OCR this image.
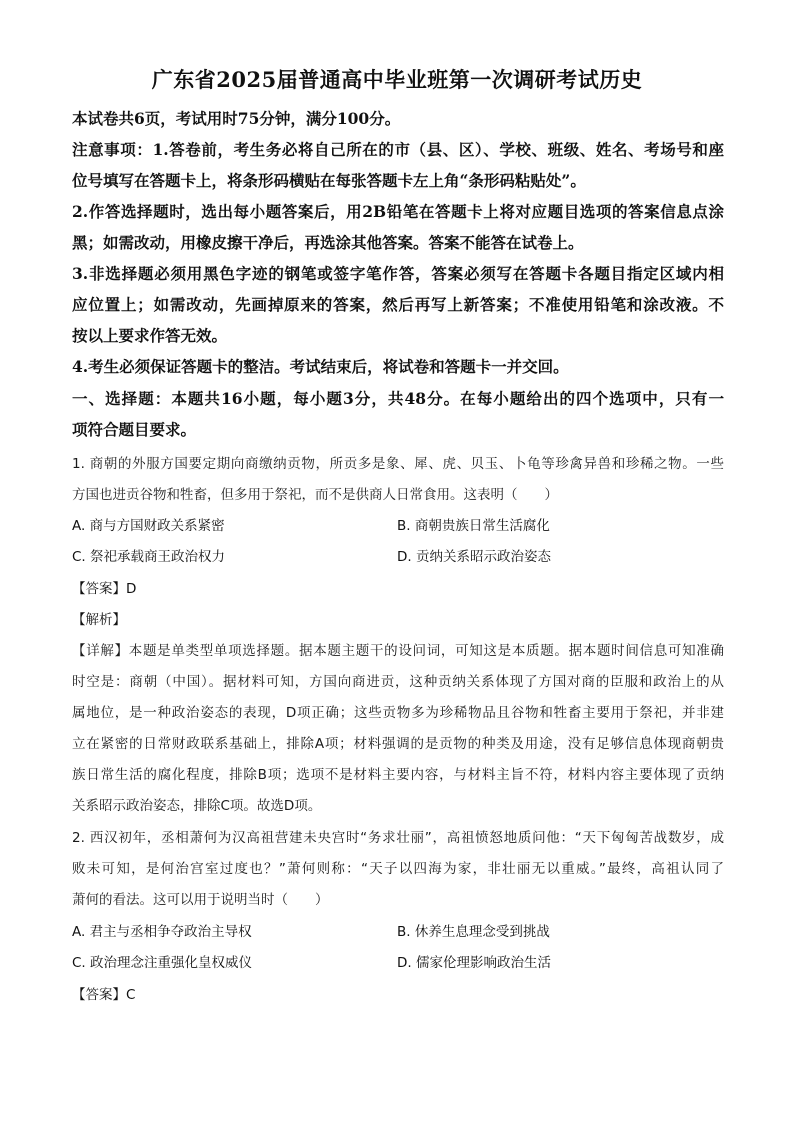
广东省2025届普通高中毕业班第一次调研考试历史
本试卷共6页，考试用时75分钟，满分100分。
注意事项：1.答卷前，考生务必将自己所在的市（县、区）、学校、班级、姓名、考场号和座
位号填写在答题卡上，将条形码横贴在每张答题卡左上角“条形码粘贴处”。
2.作答选择题时，选出每小题答案后，用2B铅笔在答题卡上将对应题目选项的答案信息点涂
黑；如需改动，用橡皮擦干净后，再选涂其他答案。答案不能答在试卷上。
3.非选择题必须用黑色字迹的钢笔或签字笔作答，答案必须写在答题卡各题目指定区域内相
应位置上；如需改动，先画掉原来的答案，然后再写上新答案；不准使用铅笔和涂改液。不
按以上要求作答无效。
4.考生必须保证答题卡的整洁。考试结束后，将试卷和答题卡一并交回。
一、选择题：本题共16小题，每小题3分，共48分。在每小题给出的四个选项中，只有一
项符合题目要求。
1. 商朝的外服方国要定期向商缴纳贡物，所贡多是象、犀、虎、贝玉、卜龟等珍禽异兽和珍稀之物。一些
方国也进贡谷物和牲畜，但多用于祭祀，而不是供商人日常食用。这表明（　　）
A. 商与方国财政关系紧密	B. 商朝贵族日常生活腐化
C. 祭祀承载商王政治权力	D. 贡纳关系昭示政治姿态
【答案】D
【解析】
【详解】本题是单类型单项选择题。据本题主题干的设问词，可知这是本质题。据本题时间信息可知准确
时空是：商朝（中国）。据材料可知，方国向商进贡，这种贡纳关系体现了方国对商的臣服和政治上的从
属地位，是一种政治姿态的表现，D项正确；这些贡物多为珍稀物品且谷物和牲畜主要用于祭祀，并非建
立在紧密的日常财政联系基础上，排除A项；材料强调的是贡物的种类及用途，没有足够信息体现商朝贵
族日常生活的腐化程度，排除B项；选项不是材料主要内容，与材料主旨不符，材料内容主要体现了贡纳
关系昭示政治姿态，排除C项。故选D项。
2. 西汉初年，丞相萧何为汉高祖营建未央宫时“务求壮丽”，高祖愤怒地质问他：“天下匈匈苦战数岁，成
败未可知，是何治宫室过度也？”萧何则称：“天子以四海为家，非壮丽无以重威。”最终，高祖认同了
萧何的看法。这可以用于说明当时（　　）
A. 君主与丞相争夺政治主导权	B. 休养生息理念受到挑战
C. 政治理念注重强化皇权威仪	D. 儒家伦理影响政治生活
【答案】C
